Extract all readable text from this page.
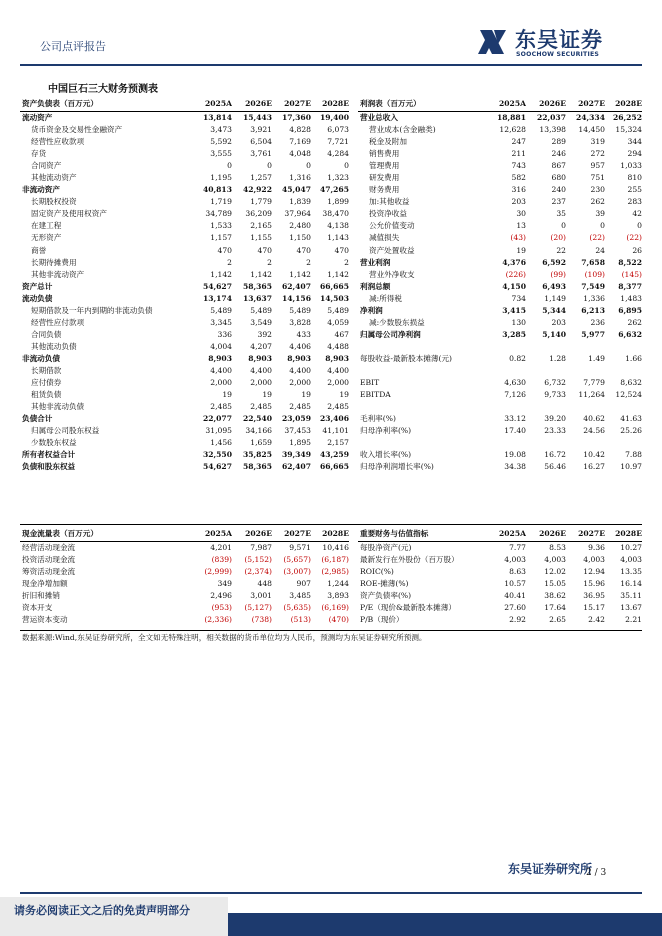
公司点评报告	东吴证券
SOOCHOW SECURITIES
中国巨石三大财务预测表
资产负债表（百万元）	2025A	2026E	2027E	2028E
流动资产	13,814	15,443	17,360	19,400
货币资金及交易性金融资产	3,473	3,921	4,828	6,073
经营性应收款项	5,592	6,504	7,169	7,721
存货	3,555	3,761	4,048	4,284
合同资产	0	0	0	0
其他流动资产	1,195	1,257	1,316	1,323
非流动资产	40,813	42,922	45,047	47,265
长期股权投资	1,719	1,779	1,839	1,899
固定资产及使用权资产	34,789	36,209	37,964	38,470
在建工程	1,533	2,165	2,480	4,138
无形资产	1,157	1,155	1,150	1,143
商誉	470	470	470	470
长期待摊费用	2	2	2	2
其他非流动资产	1,142	1,142	1,142	1,142
资产总计	54,627	58,365	62,407	66,665
流动负债	13,174	13,637	14,156	14,503
短期借款及一年内到期的非流动负债	5,489	5,489	5,489	5,489
经营性应付款项	3,345	3,549	3,828	4,059
合同负债	336	392	433	467
其他流动负债	4,004	4,207	4,406	4,488
非流动负债	8,903	8,903	8,903	8,903
长期借款	4,400	4,400	4,400	4,400
应付债券	2,000	2,000	2,000	2,000
租赁负债	19	19	19	19
其他非流动负债	2,485	2,485	2,485	2,485
负债合计	22,077	22,540	23,059	23,406
归属母公司股东权益	31,095	34,166	37,453	41,101
少数股东权益	1,456	1,659	1,895	2,157
所有者权益合计	32,550	35,825	39,349	43,259
负债和股东权益	54,627	58,365	62,407	66,665
利润表（百万元）	2025A	2026E	2027E	2028E
营业总收入	18,881	22,037	24,334	26,252
营业成本(含金融类)	12,628	13,398	14,450	15,324
税金及附加	247	289	319	344
销售费用	211	246	272	294
管理费用	743	867	957	1,033
研发费用	582	680	751	810
财务费用	316	240	230	255
加:其他收益	203	237	262	283
投资净收益	30	35	39	42
公允价值变动	13	0	0	0
减值损失	(43)	(20)	(22)	(22)
资产处置收益	19	22	24	26
营业利润	4,376	6,592	7,658	8,522
营业外净收支	(226)	(99)	(109)	(145)
利润总额	4,150	6,493	7,549	8,377
减:所得税	734	1,149	1,336	1,483
净利润	3,415	5,344	6,213	6,895
减:少数股东损益	130	203	236	262
归属母公司净利润	3,285	5,140	5,977	6,632

每股收益-最新股本摊薄(元)	0.82	1.28	1.49	1.66

EBIT	4,630	6,732	7,779	8,632
EBITDA	7,126	9,733	11,264	12,524

毛利率(%)	33.12	39.20	40.62	41.63
归母净利率(%)	17.40	23.33	24.56	25.26

收入增长率(%)	19.08	16.72	10.42	7.88
归母净利润增长率(%)	34.38	56.46	16.27	10.97
现金流量表（百万元）	2025A	2026E	2027E	2028E
经营活动现金流	4,201	7,987	9,571	10,416
投资活动现金流	(839)	(5,152)	(5,657)	(6,187)
筹资活动现金流	(2,999)	(2,374)	(3,007)	(2,985)
现金净增加额	349	448	907	1,244
折旧和摊销	2,496	3,001	3,485	3,893
资本开支	(953)	(5,127)	(5,635)	(6,169)
营运资本变动	(2,336)	(738)	(513)	(470)
重要财务与估值指标	2025A	2026E	2027E	2028E
每股净资产(元)	7.77	8.53	9.36	10.27
最新发行在外股份（百万股）	4,003	4,003	4,003	4,003
ROIC(%)	8.63	12.02	12.94	13.35
ROE-摊薄(%)	10.57	15.05	15.96	16.14
资产负债率(%)	40.41	38.62	36.95	35.11
P/E（现价&最新股本摊薄）	27.60	17.64	15.17	13.67
P/B（现价）	2.92	2.65	2.42	2.21
数据来源:Wind,东吴证券研究所，全文如无特殊注明，相关数据的货币单位均为人民币，预测均为东吴证券研究所预测。
东吴证券研究所
2 / 3
请务必阅读正文之后的免责声明部分
